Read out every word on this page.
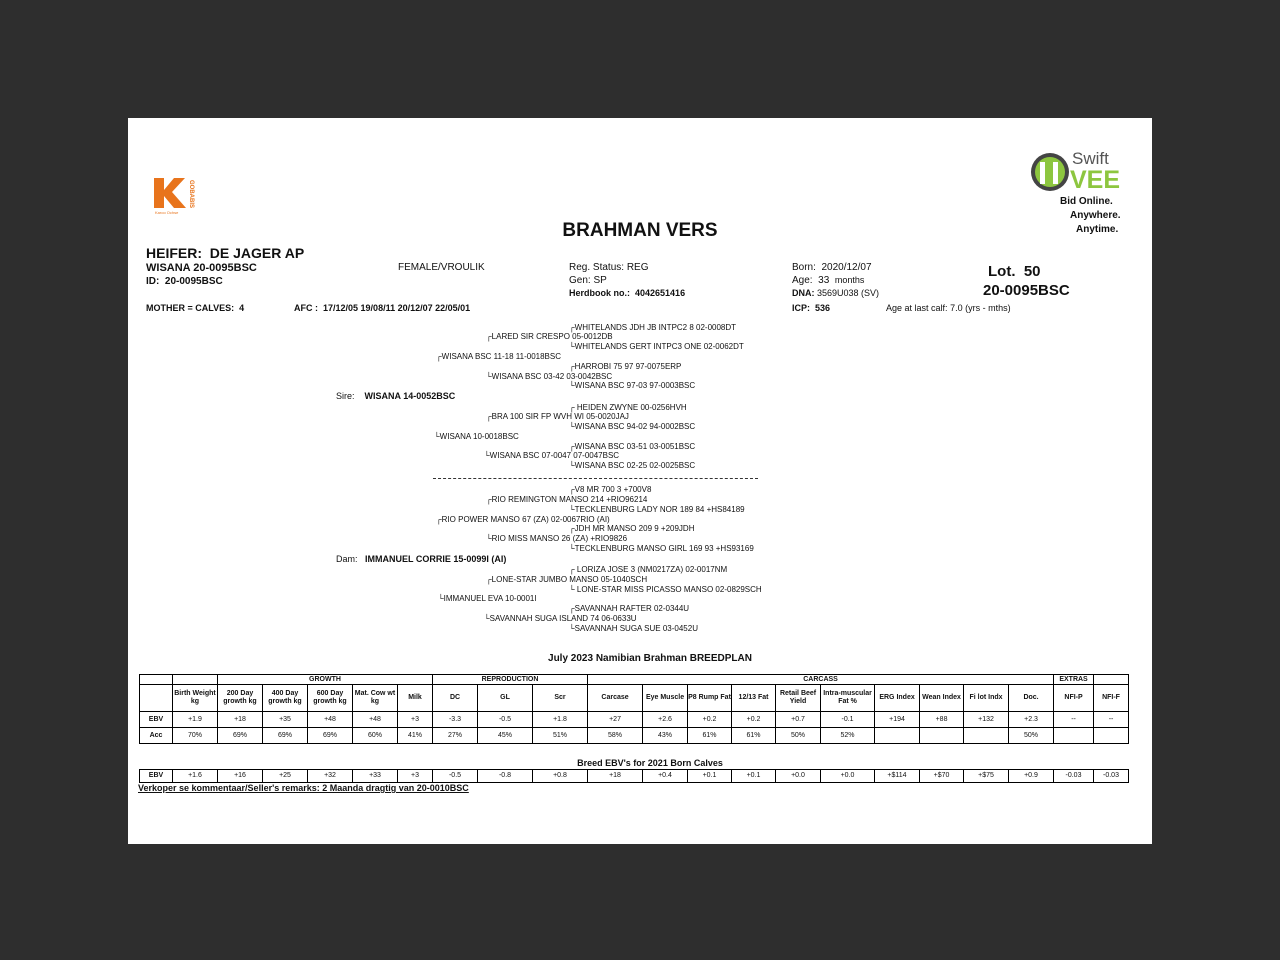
GOBABIS
Karoo Ochse
Swift
VEE
Bid Online.
Anywhere.
Anytime.
BRAHMAN VERS
HEIFER: DE JAGER AP
WISANA 20-0095BSC
ID: 20-0095BSC
FEMALE/VROULIK	Reg. Status: REG
Gen: SP
Herdbook no.: 4042651416
Born: 2020/12/07
Age: 33 months
DNA: 3569U038 (SV)
Lot. 50
20-0095BSC
MOTHER = CALVES: 4	AFC : 17/12/05 19/08/11 20/12/07 22/05/01	ICP: 536	Age at last calf: 7.0 (yrs - mths)
┌WHITELANDS JDH JB INTPC2 8 02-0008DT
┌LARED SIR CRESPO 05-0012DB
└WHITELANDS GERT INTPC3 ONE 02-0062DT
┌WISANA BSC 11-18 11-0018BSC
┌HARROBI 75 97 97-0075ERP
└WISANA BSC 03-42 03-0042BSC
└WISANA BSC 97-03 97-0003BSC
Sire: WISANA 14-0052BSC
┌ HEIDEN ZWYNE 00-0256HVH
┌BRA 100 SIR FP WVH WI 05-0020JAJ
└WISANA BSC 94-02 94-0002BSC
└WISANA 10-0018BSC
┌WISANA BSC 03-51 03-0051BSC
└WISANA BSC 07-0047 07-0047BSC
└WISANA BSC 02-25 02-0025BSC
┌V8 MR 700 3 +700V8
┌RIO REMINGTON MANSO 214 +RIO96214
└TECKLENBURG LADY NOR 189 84 +HS84189
┌RIO POWER MANSO 67 (ZA) 02-0067RIO (AI)
┌JDH MR MANSO 209 9 +209JDH
└RIO MISS MANSO 26 (ZA) +RIO9826
└TECKLENBURG MANSO GIRL 169 93 +HS93169
Dam: IMMANUEL CORRIE 15-0099I (AI)
┌ LORIZA JOSE 3 (NM0217ZA) 02-0017NM
┌LONE-STAR JUMBO MANSO 05-1040SCH
└ LONE-STAR MISS PICASSO MANSO 02-0829SCH
└IMMANUEL EVA 10-0001I
┌SAVANNAH RAFTER 02-0344U
└SAVANNAH SUGA ISLAND 74 06-0633U
└SAVANNAH SUGA SUE 03-0452U
July 2023 Namibian Brahman BREEDPLAN
		GROWTH					REPRODUCTION			CARCASS										EXTRAS	
	Birth Weight kg	200 Day growth kg	400 Day growth kg	600 Day growth kg	Mat. Cow wt kg	Milk	DC	GL	Scr	Carcase	Eye Muscle	P8 Rump Fat	12/13 Fat	Retail Beef Yield	Intra-muscular Fat %	ERG Index	Wean Index	Fi lot Indx	Doc.	NFI-P	NFI-F
EBV	+1.9	+18	+35	+48	+48	+3	-3.3	-0.5	+1.8	+27	+2.6	+0.2	+0.2	+0.7	-0.1	+194	+88	+132	+2.3	--	--
Acc	70%	69%	69%	69%	60%	41%	27%	45%	51%	58%	43%	61%	61%	50%	52%				50%		
Breed EBV's for 2021 Born Calves
EBV	+1.6	+16	+25	+32	+33	+3	-0.5	-0.8	+0.8	+18	+0.4	+0.1	+0.1	+0.0	+0.0	+$114	+$70	+$75	+0.9	-0.03	-0.03
Verkoper se kommentaar/Seller's remarks: 2 Maanda dragtig van 20-0010BSC
